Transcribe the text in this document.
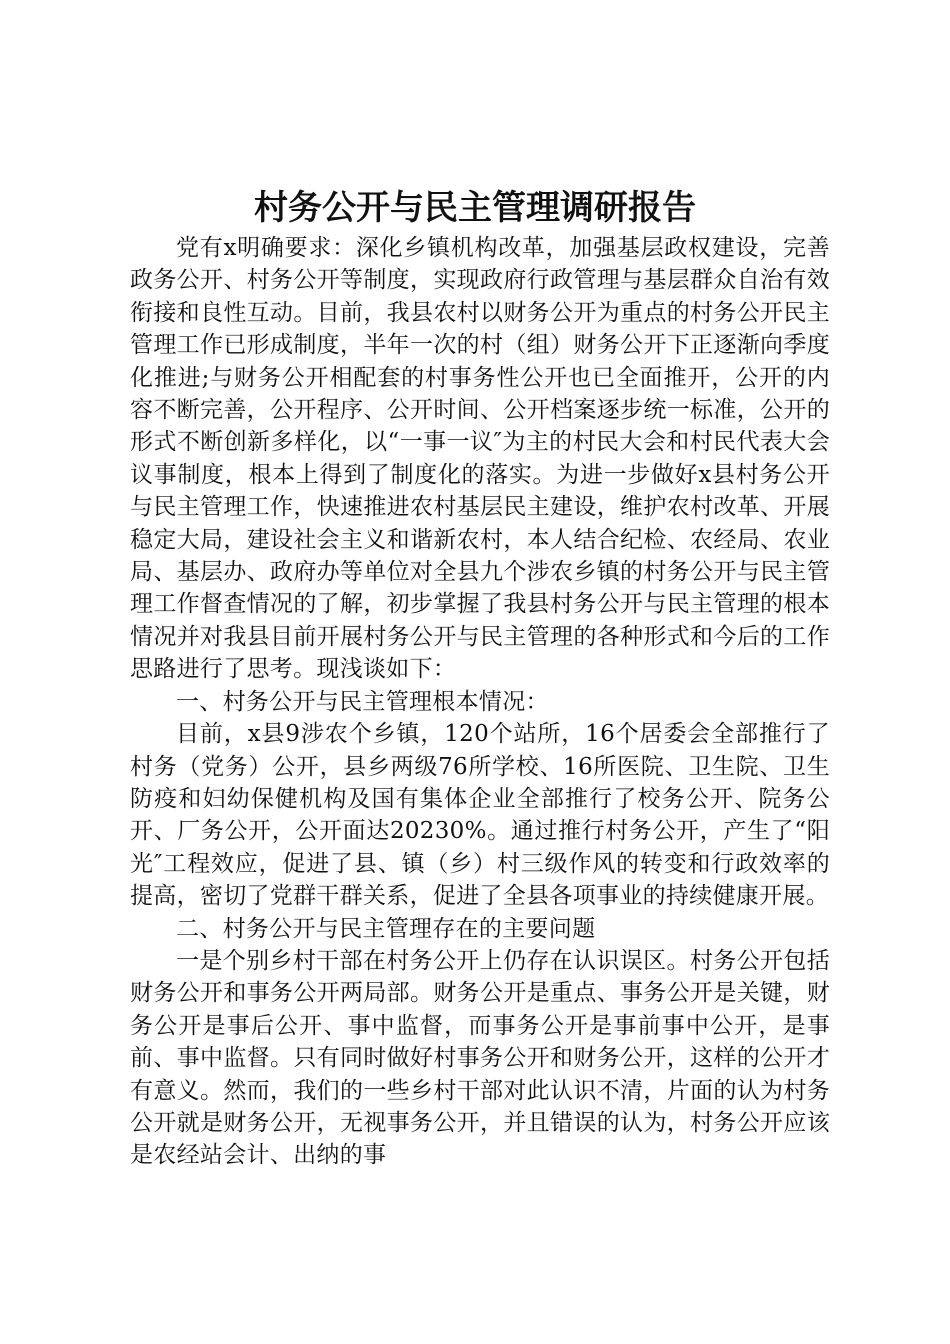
村务公开与民主管理调研报告

党有x明确要求：深化乡镇机构改革，加强基层政权建设，完善政务公开、村务公开等制度，实现政府行政管理与基层群众自治有效衔接和良性互动。目前，我县农村以财务公开为重点的村务公开民主管理工作已形成制度，半年一次的村（组）财务公开下正逐渐向季度化推进;与财务公开相配套的村事务性公开也已全面推开，公开的内容不断完善，公开程序、公开时间、公开档案逐步统一标准，公开的形式不断创新多样化，以“一事一议″为主的村民大会和村民代表大会议事制度，根本上得到了制度化的落实。为进一步做好x县村务公开与民主管理工作，快速推进农村基层民主建设，维护农村改革、开展稳定大局，建设社会主义和谐新农村，本人结合纪检、农经局、农业局、基层办、政府办等单位对全县九个涉农乡镇的村务公开与民主管理工作督查情况的了解，初步掌握了我县村务公开与民主管理的根本情况并对我县目前开展村务公开与民主管理的各种形式和今后的工作思路进行了思考。现浅谈如下：

一、村务公开与民主管理根本情况：

目前，x县9涉农个乡镇，120个站所，16个居委会全部推行了村务（党务）公开，县乡两级76所学校、16所医院、卫生院、卫生防疫和妇幼保健机构及国有集体企业全部推行了校务公开、院务公开、厂务公开，公开面达20230%。通过推行村务公开，产生了“阳光″工程效应，促进了县、镇（乡）村三级作风的转变和行政效率的提高，密切了党群干群关系，促进了全县各项事业的持续健康开展。

二、村务公开与民主管理存在的主要问题

一是个别乡村干部在村务公开上仍存在认识误区。村务公开包括财务公开和事务公开两局部。财务公开是重点、事务公开是关键，财务公开是事后公开、事中监督，而事务公开是事前事中公开，是事前、事中监督。只有同时做好村事务公开和财务公开，这样的公开才有意义。然而，我们的一些乡村干部对此认识不清，片面的认为村务公开就是财务公开，无视事务公开，并且错误的认为，村务公开应该是农经站会计、出纳的事
